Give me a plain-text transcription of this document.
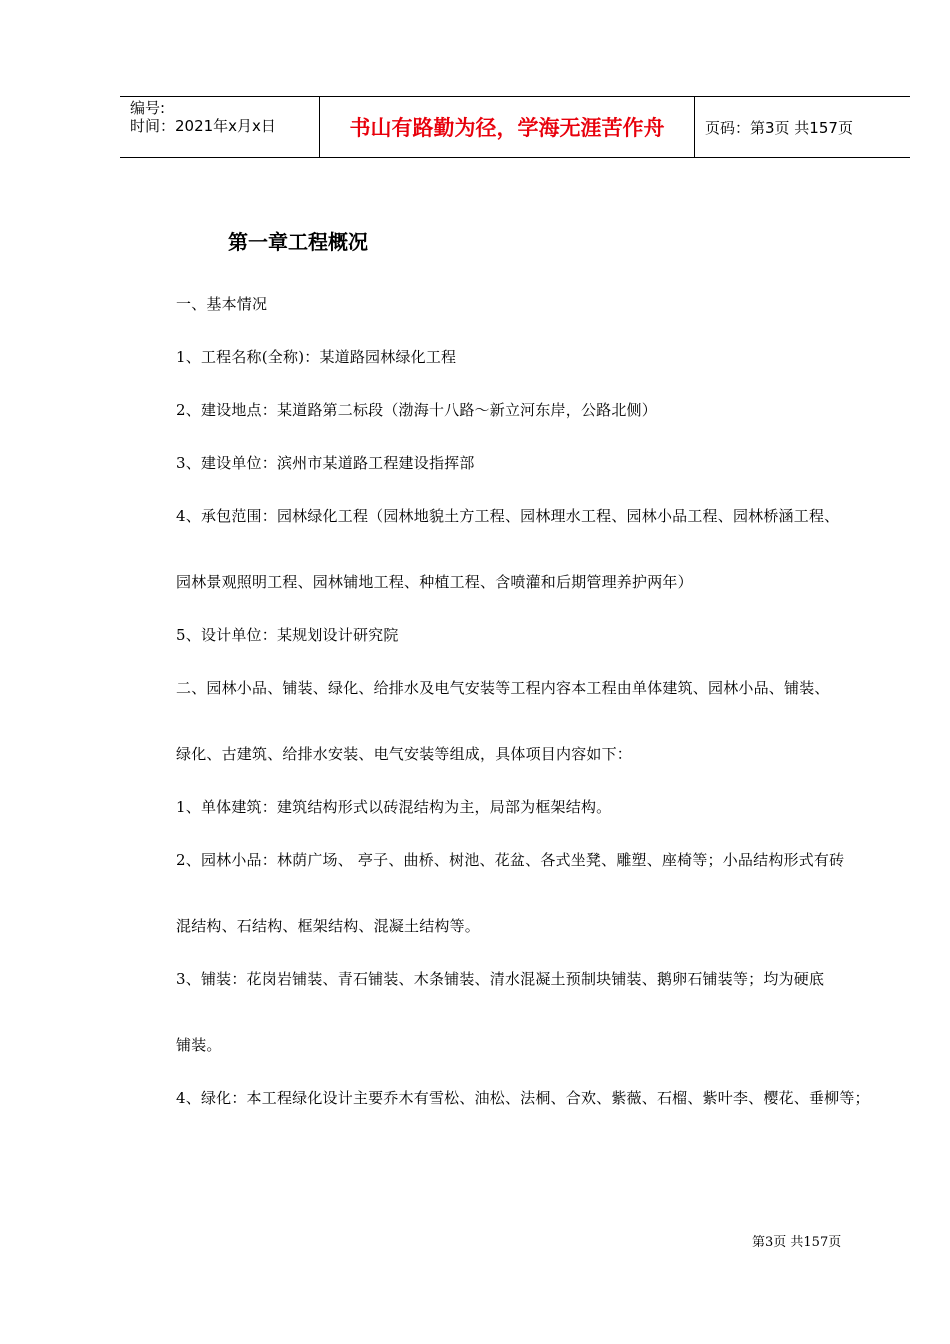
编号:
时间：2021年x月x日	书山有路勤为径，学海无涯苦作舟	页码：第3页 共157页
第一章工程概况
一、基本情况
1、工程名称(全称)：某道路园林绿化工程
2、建设地点：某道路第二标段（渤海十八路～新立河东岸，公路北侧）
3、建设单位：滨州市某道路工程建设指挥部
4、承包范围：园林绿化工程（园林地貌土方工程、园林理水工程、园林小品工程、园林桥涵工程、
园林景观照明工程、园林铺地工程、种植工程、含喷灌和后期管理养护两年）
5、设计单位：某规划设计研究院
二、园林小品、铺装、绿化、给排水及电气安装等工程内容本工程由单体建筑、园林小品、铺装、
绿化、古建筑、给排水安装、电气安装等组成，具体项目内容如下：
1、单体建筑：建筑结构形式以砖混结构为主，局部为框架结构。
2、园林小品：林荫广场、 亭子、曲桥、树池、花盆、各式坐凳、雕塑、座椅等；小品结构形式有砖
混结构、石结构、框架结构、混凝土结构等。
3、铺装：花岗岩铺装、青石铺装、木条铺装、清水混凝土预制块铺装、鹅卵石铺装等；均为硬底
铺装。
4、绿化：本工程绿化设计主要乔木有雪松、油松、法桐、合欢、紫薇、石榴、紫叶李、樱花、垂柳等；
第3页 共157页
